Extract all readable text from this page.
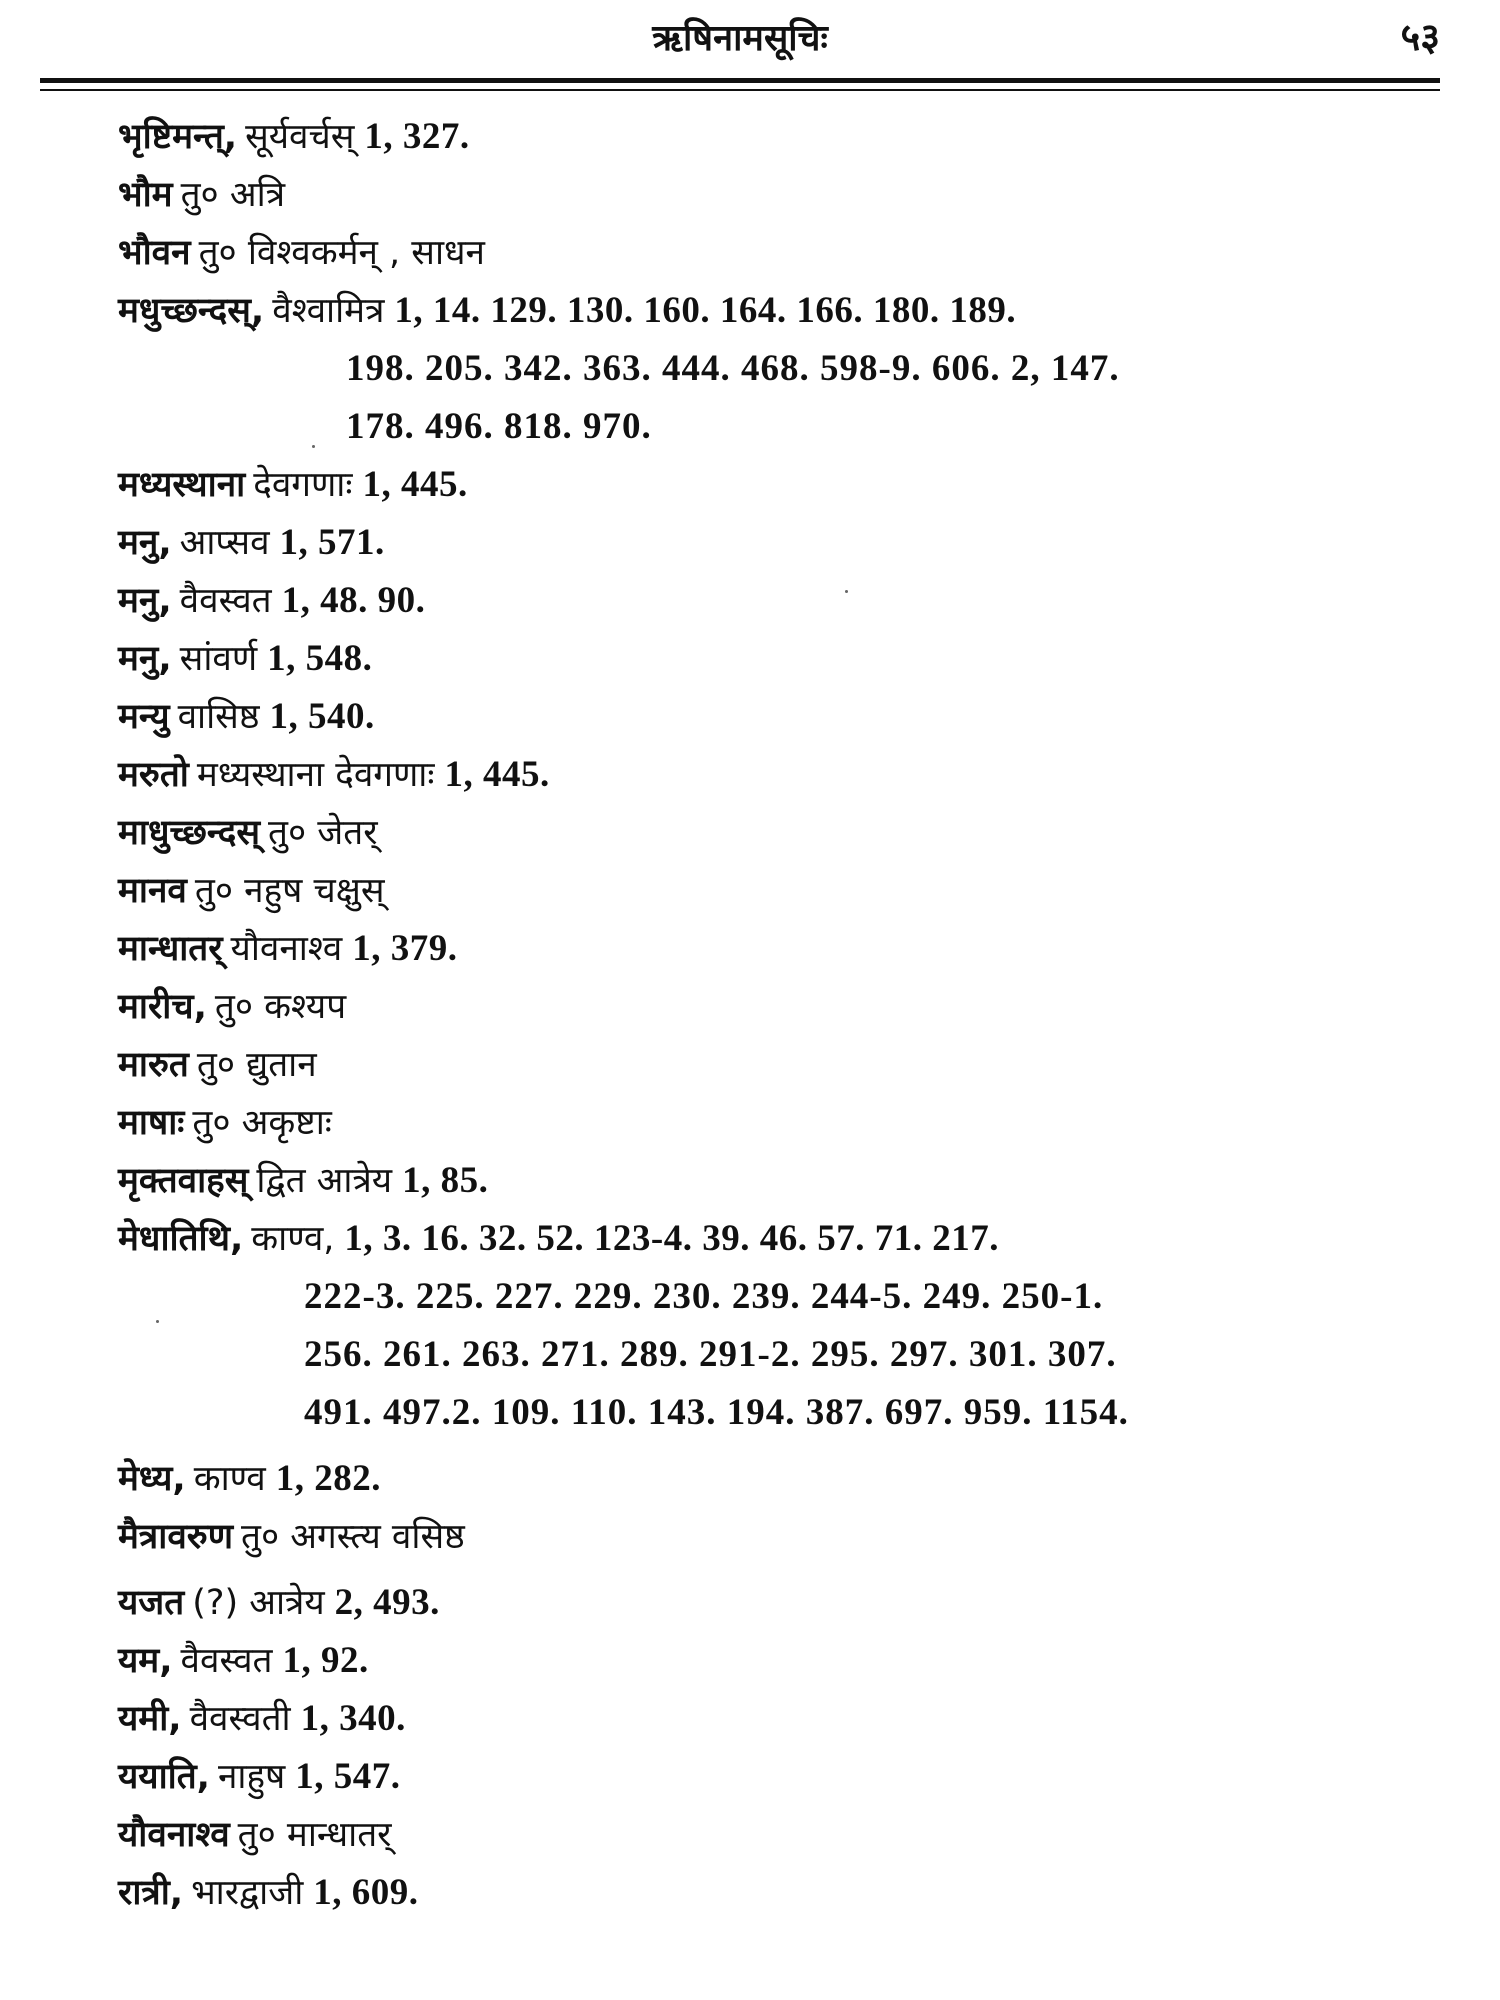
ऋषिनामसूचिः	५३
भृष्टिमन्त्, सूर्यवर्चस् 1, 327.
भौम तु० अत्रि
भौवन तु० विश्वकर्मन् , साधन
मधुच्छन्दस्, वैश्वामित्र 1, 14. 129. 130. 160. 164. 166. 180. 189.
198. 205. 342. 363. 444. 468. 598-9. 606. 2, 147.
178. 496. 818. 970.
मध्यस्थाना देवगणाः 1, 445.
मनु, आप्सव 1, 571.
मनु, वैवस्वत 1, 48. 90.
मनु, सांवर्ण 1, 548.
मन्यु वासिष्ठ 1, 540.
मरुतो मध्यस्थाना देवगणाः 1, 445.
माधुच्छन्दस् तु० जेतर्
मानव तु० नहुष चक्षुस्
मान्धातर् यौवनाश्व 1, 379.
मारीच, तु० कश्यप
मारुत तु० द्युतान
माषाः तु० अकृष्टाः
मृक्तवाहस् द्वित आत्रेय 1, 85.
मेधातिथि, काण्व, 1, 3. 16. 32. 52. 123-4. 39. 46. 57. 71. 217.
222-3. 225. 227. 229. 230. 239. 244-5. 249. 250-1.
256. 261. 263. 271. 289. 291-2. 295. 297. 301. 307.
491. 497.2. 109. 110. 143. 194. 387. 697. 959. 1154.
मेध्य, काण्व 1, 282.
मैत्रावरुण तु० अगस्त्य वसिष्ठ
यजत (?) आत्रेय 2, 493.
यम, वैवस्वत 1, 92.
यमी, वैवस्वती 1, 340.
ययाति, नाहुष 1, 547.
यौवनाश्व तु० मान्धातर्
रात्री, भारद्वाजी 1, 609.
